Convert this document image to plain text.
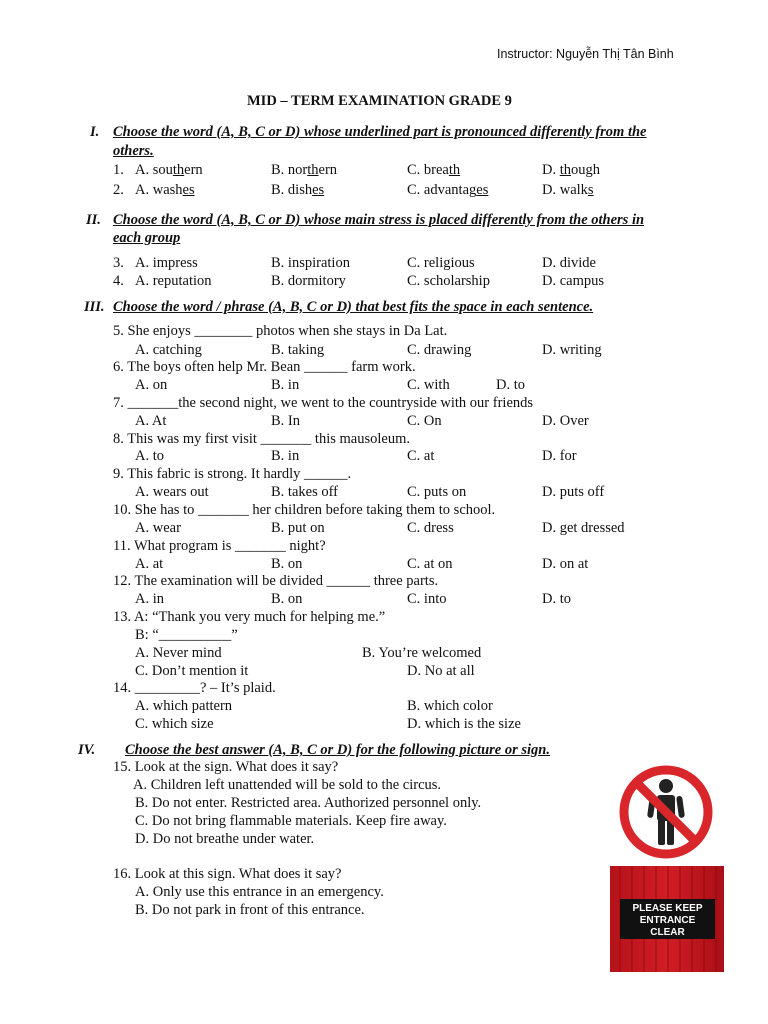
Instructor: Nguyễn Thị Tân Bình
MID – TERM EXAMINATION GRADE 9
I. Choose the word (A, B, C or D) whose underlined part is pronounced differently from the
others.
1. A. southern	B. northern	C. breath	D. though
2. A. washes	B. dishes	C. advantages	D. walks
II. Choose the word (A, B, C or D) whose main stress is placed differently from the others in
each group
3. A. impress	B. inspiration	C. religious	D. divide
4. A. reputation	B. dormitory	C. scholarship	D. campus
III. Choose the word / phrase (A, B, C or D) that best fits the space in each sentence.
5. She enjoys ________ photos when she stays in Da Lat.
A. catching	B. taking	C. drawing	D. writing
6. The boys often help Mr. Bean ______ farm work.
A. on	B. in	C. with	D. to
7. _______the second night, we went to the countryside with our friends
A. At	B. In	C. On	D. Over
8. This was my first visit _______ this mausoleum.
A. to	B. in	C. at	D. for
9. This fabric is strong. It hardly ______.
A. wears out	B. takes off	C. puts on	D. puts off
10. She has to _______ her children before taking them to school.
A. wear	B. put on	C. dress	D. get dressed
11. What program is _______ night?
A. at	B. on	C. at on	D. on at
12. The examination will be divided ______ three parts.
A. in	B. on	C. into	D. to
13. A: “Thank you very much for helping me.”
B: “__________”
A. Never mind	B. You’re welcomed
C. Don’t mention it	D. No at all
14. _________? – It’s plaid.
A. which pattern	B. which color
C. which size	D. which is the size
IV. Choose the best answer (A, B, C or D) for the following picture or sign.
15. Look at the sign. What does it say?
A. Children left unattended will be sold to the circus.
B. Do not enter. Restricted area. Authorized personnel only.
C. Do not bring flammable materials. Keep fire away.
D. Do not breathe under water.
16. Look at this sign. What does it say?
A. Only use this entrance in an emergency.
B. Do not park in front of this entrance.	PLEASE KEEP
ENTRANCE
CLEAR
